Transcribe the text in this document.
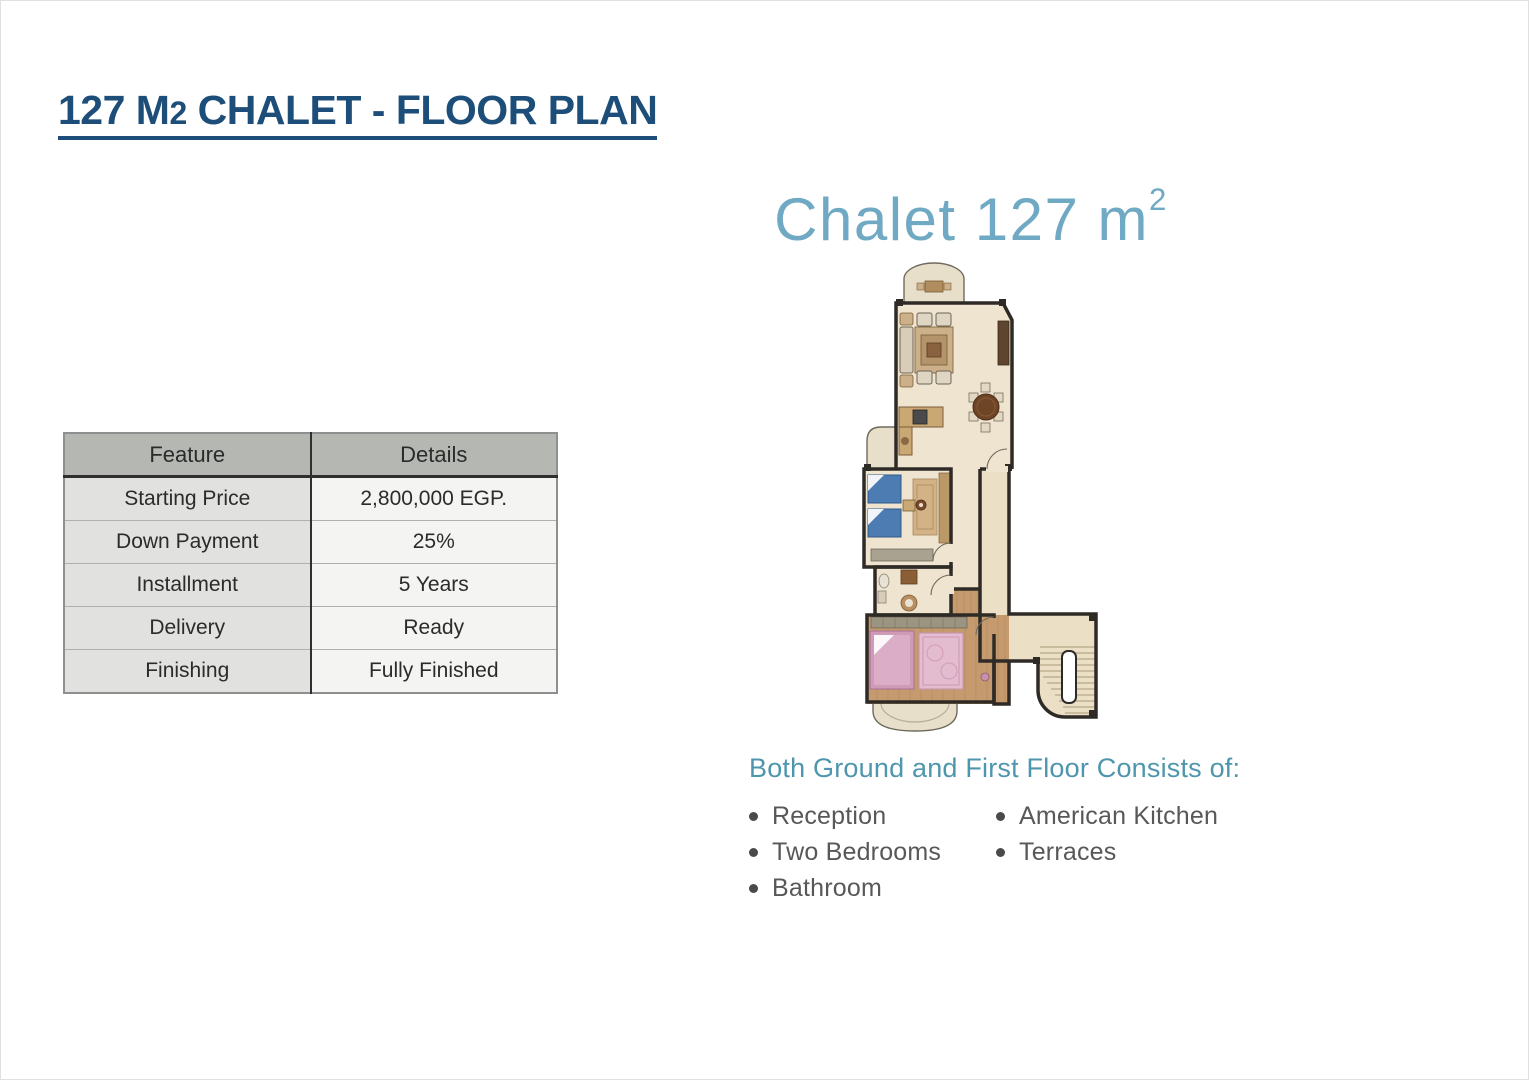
127 M2 CHALET - FLOOR PLAN
Feature	Details
Starting Price	2,800,000 EGP.
Down Payment	25%
Installment	5 Years
Delivery	Ready
Finishing	Fully Finished
Chalet 127 $m^2$
Both Ground and First Floor Consists of:
Reception
Two Bedrooms
Bathroom
American Kitchen
Terraces
